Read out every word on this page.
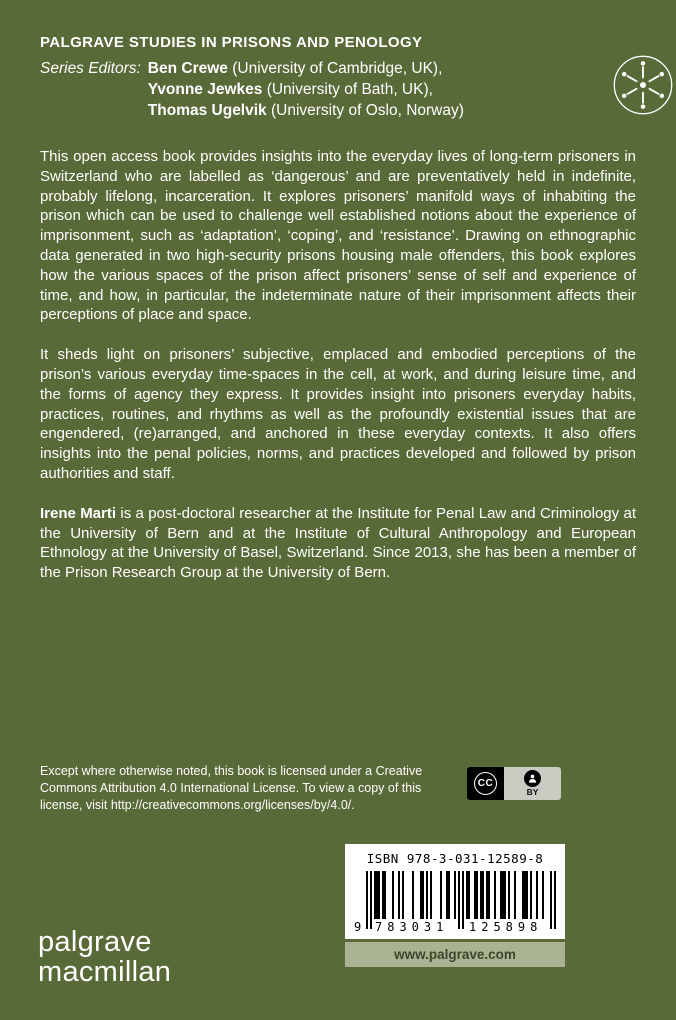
PALGRAVE STUDIES IN PRISONS AND PENOLOGY
Series Editors: Ben Crewe (University of Cambridge, UK),
Yvonne Jewkes (University of Bath, UK),
Thomas Ugelvik (University of Oslo, Norway)

This open access book provides insights into the everyday lives of long-term prisoners in Switzerland who are labelled as ‘dangerous’ and are preventatively held in indefinite, probably lifelong, incarceration. It explores prisoners’ manifold ways of inhabiting the prison which can be used to challenge well established notions about the experience of imprisonment, such as ‘adaptation’, ‘coping’, and ‘resistance’. Drawing on ethnographic data generated in two high-security prisons housing male offenders, this book explores how the various spaces of the prison affect prisoners’ sense of self and experience of time, and how, in particular, the indeterminate nature of their imprisonment affects their perceptions of place and space.

It sheds light on prisoners’ subjective, emplaced and embodied perceptions of the prison’s various everyday time-spaces in the cell, at work, and during leisure time, and the forms of agency they express. It provides insight into prisoners everyday habits, practices, routines, and rhythms as well as the profoundly existential issues that are engendered, (re)arranged, and anchored in these everyday contexts. It also offers insights into the penal policies, norms, and practices developed and followed by prison authorities and staff.

Irene Marti is a post-doctoral researcher at the Institute for Penal Law and Criminology at the University of Bern and at the Institute of Cultural Anthropology and European Ethnology at the University of Basel, Switzerland. Since 2013, she has been a member of the Prison Research Group at the University of Bern.

Except where otherwise noted, this book is licensed under a Creative Commons Attribution 4.0 International License. To view a copy of this license, visit http://creativecommons.org/licenses/by/4.0/.
CC
BY
ISBN 978-3-031-12589-8
9 783031 125898
www.palgrave.com
palgrave
macmillan
